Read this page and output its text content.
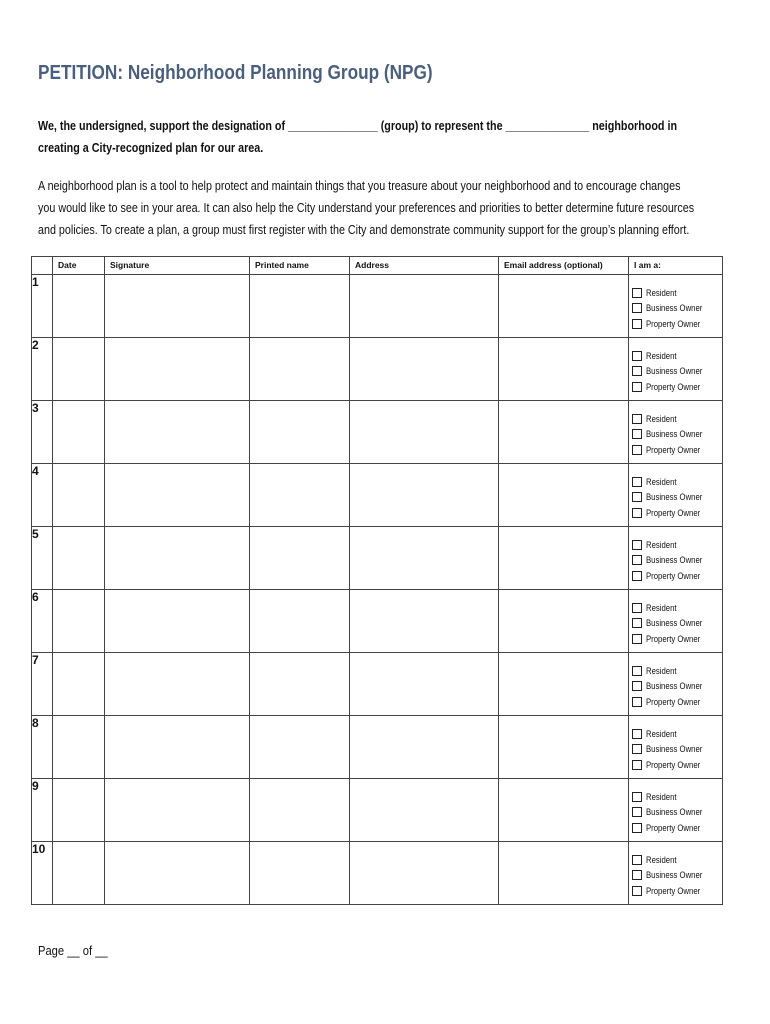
PETITION: Neighborhood Planning Group (NPG)

We, the undersigned, support the designation of _______________ (group) to represent the ______________ neighborhood in creating a City-recognized plan for our area.

A neighborhood plan is a tool to help protect and maintain things that you treasure about your neighborhood and to encourage changes you would like to see in your area. It can also help the City understand your preferences and priorities to better determine future resources and policies. To create a plan, a group must first register with the City and demonstrate community support for the group’s planning effort.

	Date	Signature	Printed name	Address	Email address (optional)	I am a:
1						Resident
Business Owner
Property Owner

2						Resident
Business Owner
Property Owner

3						Resident
Business Owner
Property Owner

4						Resident
Business Owner
Property Owner

5						Resident
Business Owner
Property Owner

6						Resident
Business Owner
Property Owner

7						Resident
Business Owner
Property Owner

8						Resident
Business Owner
Property Owner

9						Resident
Business Owner
Property Owner

10						Resident
Business Owner
Property Owner

Page __ of __
